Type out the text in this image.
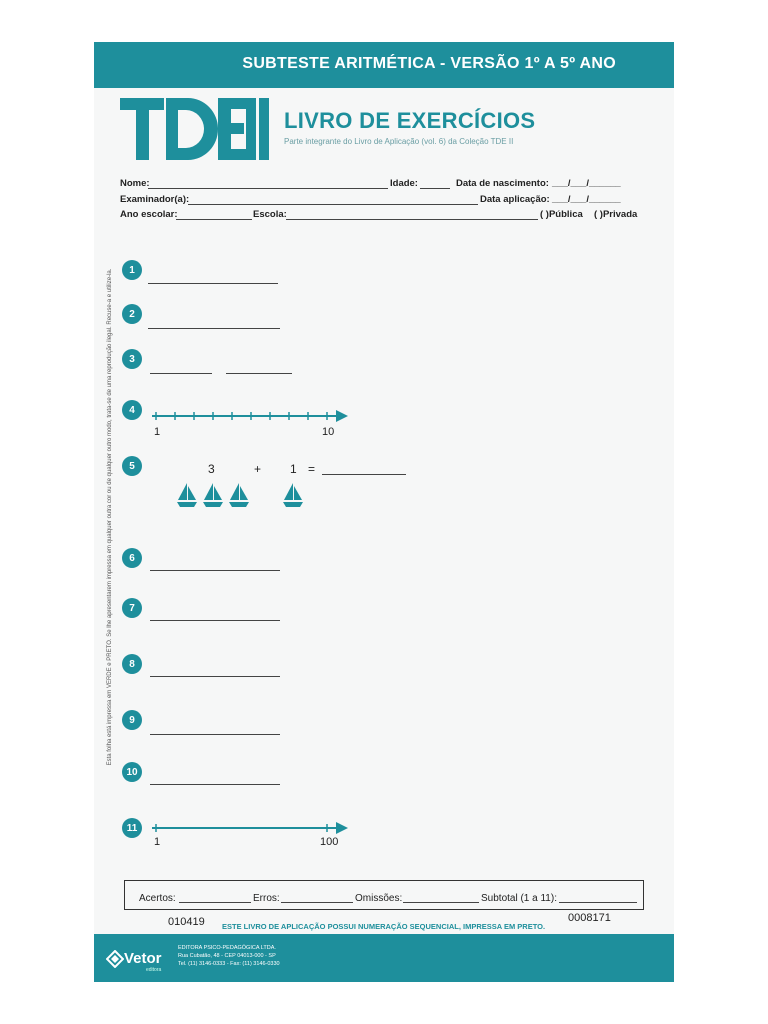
SUBTESTE ARITMÉTICA - VERSÃO 1º A 5º ANO
LIVRO DE EXERCÍCIOS
Parte integrante do Livro de Aplicação (vol. 6) da Coleção TDE II
Nome:	Idade:	Data de nascimento: ___/___/______
Examinador(a):	Data aplicação: ___/___/______
Ano escolar:	Escola:	( )Pública ( )Privada
Esta folha está impressa em VERDE e PRETO. Se lhe apresentarem impressa em qualquer outra cor ou de qualquer outro modo, trata-se de uma reprodução ilegal. Recuse-a e utilize-la.	1
2
3
4
1	10
5	3	+ 1 =
6
7
8
9
10
11
1	100
Acertos:	Erros:	Omissões:	Subtotal (1 a 11):
010419 ESTE LIVRO DE APLICAÇÃO POSSUI NUMERAÇÃO SEQUENCIAL, IMPRESSA EM PRETO.
0008171
Vetor
editora
EDITORA PSICO-PEDAGÓGICA LTDA.
Rua Cubatão, 48 - CEP 04013-000 - SP
Tel. (11) 3146-0333 - Fax: (11) 3146-0330
